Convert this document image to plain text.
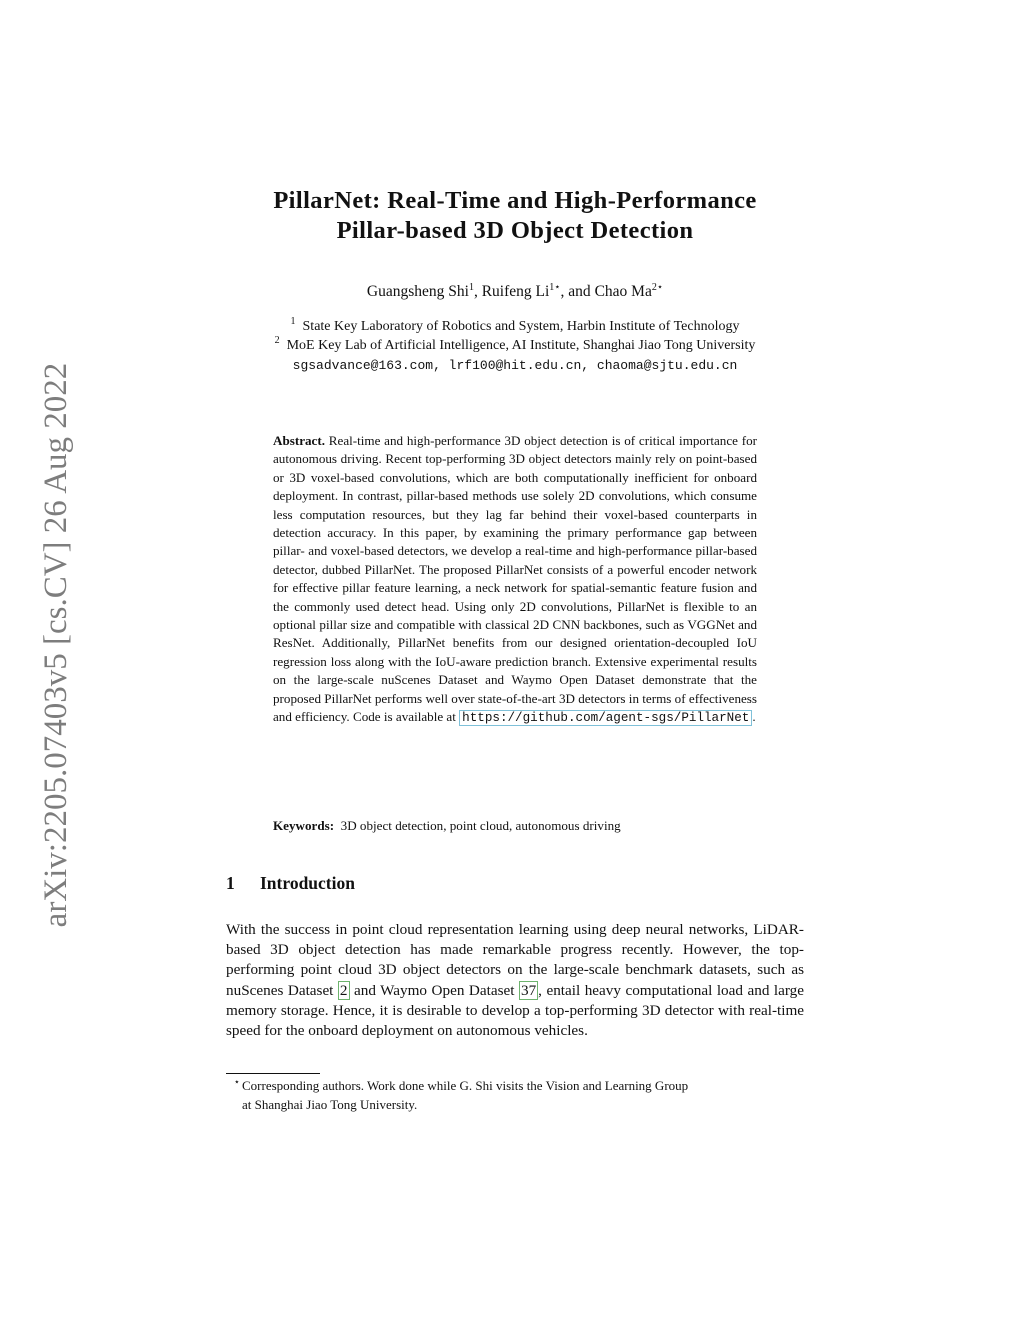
arXiv:2205.07403v5 [cs.CV] 26 Aug 2022
PillarNet: Real-Time and High-Performance
Pillar-based 3D Object Detection
Guangsheng Shi$^1$, Ruifeng $Li^{1⋆}$, and Chao $Ma^{2⋆}$
$^1$ State Key Laboratory of Robotics and System, Harbin Institute of Technology
$^2$ MoE Key Lab of Artificial Intelligence, AI Institute, Shanghai Jiao Tong University
sgsadvance@163.com, lrf100@hit.edu.cn, chaoma@sjtu.edu.cn
Abstract. Real-time and high-performance 3D object detection is of critical importance for autonomous driving. Recent top-performing 3D object detectors mainly rely on point-based or 3D voxel-based convolutions, which are both computationally inefficient for onboard deployment. In contrast, pillar-based methods use solely 2D convolutions, which consume less computation resources, but they lag far behind their voxel-based counterparts in detection accuracy. In this paper, by examining the primary performance gap between pillar- and voxel-based detectors, we develop a real-time and high-performance pillar-based detector, dubbed PillarNet. The proposed PillarNet consists of a powerful encoder network for effective pillar feature learning, a neck network for spatial-semantic feature fusion and the commonly used detect head. Using only 2D convolutions, PillarNet is flexible to an optional pillar size and compatible with classical 2D CNN backbones, such as VGGNet and ResNet. Additionally, PillarNet benefits from our designed orientation-decoupled IoU regression loss along with the IoU-aware prediction branch. Extensive experimental results on the large-scale nuScenes Dataset and Waymo Open Dataset demonstrate that the proposed PillarNet performs well over state-of-the-art 3D detectors in terms of effectiveness and efficiency. Code is available at https://github.com/agent-sgs/PillarNet .
Keywords: 3D object detection, point cloud, autonomous driving
1 Introduction
With the success in point cloud representation learning using deep neural networks, LiDAR-based 3D object detection has made remarkable progress recently. However, the top-performing point cloud 3D object detectors on the large-scale benchmark datasets, such as nuScenes Dataset 2 and Waymo Open Dataset 37 , entail heavy computational load and large memory storage. Hence, it is desirable to develop a top-performing 3D detector with real-time speed for the onboard deployment on autonomous vehicles.
⋆ Corresponding authors. Work done while G. Shi visits the Vision and Learning Group
at Shanghai Jiao Tong University.
